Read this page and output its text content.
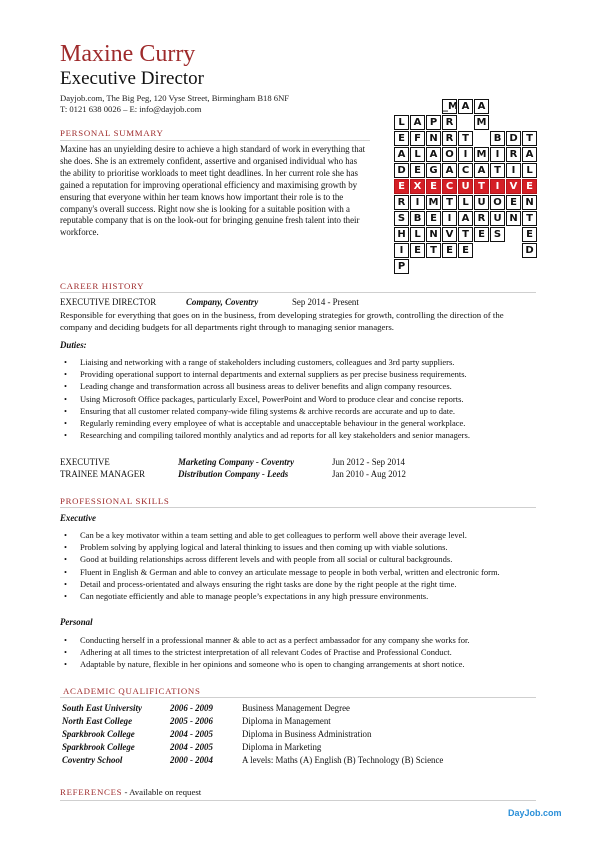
Maxine Curry
Executive Director
Dayjob.com, The Big Peg, 120 Vyse Street, Birmingham B18 6NF
T: 0121 638 0026 – E: info@dayjob.com
PERSONAL SUMMARY
Maxine has an unyielding desire to achieve a high standard of work in everything that she does. She is an extremely confident, assertive and organised individual who has the ability to prioritise workloads to meet tight deadlines. In her current role she has gained a reputation for improving operational efficiency and maximising growth by ensuring that everyone within her team knows how important their role is to the company's overall success. Right now she is looking for a suitable position with a reputable company that is on the look-out for bringing genuine fresh talent into their workforce.
_M A A
L A P R	M
E F N R T	B D T
A L A O I M I	R A
D E G A C A T	I	L
E X E C U T	I	V E
R	I M T L U O E N
S B E	I	A R U N T
H L N V T E S	E
I	E T E E	D
P
CAREER HISTORY
EXECUTIVE DIRECTOR	Company, Coventry	Sep 2014 - Present
Responsible for everything that goes on in the business, from developing strategies for growth, controlling the direction of the company and deciding budgets for all departments right through to managing senior managers.
Duties:
• Liaising and networking with a range of stakeholders including customers, colleagues and 3rd party suppliers.
• Providing operational support to internal departments and external suppliers as per precise business requirements.
• Leading change and transformation across all business areas to deliver benefits and align company resources.
• Using Microsoft Office packages, particularly Excel, PowerPoint and Word to produce clear and concise reports.
• Ensuring that all customer related company-wide filing systems & archive records are accurate and up to date.
• Regularly reminding every employee of what is acceptable and unacceptable behaviour in the general workplace.
• Researching and compiling tailored monthly analytics and ad reports for all key stakeholders and senior managers.
EXECUTIVE	Marketing Company - Coventry	Jun 2012 - Sep 2014
TRAINEE MANAGER	Distribution Company - Leeds	Jan 2010 - Aug 2012
PROFESSIONAL SKILLS
Executive
• Can be a key motivator within a team setting and able to get colleagues to perform well above their average level.
• Problem solving by applying logical and lateral thinking to issues and then coming up with viable solutions.
• Good at building relationships across different levels and with people from all social or cultural backgrounds.
• Fluent in English & German and able to convey an articulate message to people in both verbal, written and electronic form.
• Detail and process-orientated and always ensuring the right tasks are done by the right people at the right time.
• Can negotiate efficiently and able to manage people’s expectations in any high pressure environments.
Personal
• Conducting herself in a professional manner & able to act as a perfect ambassador for any company she works for.
• Adhering at all times to the strictest interpretation of all relevant Codes of Practise and Professional Conduct.
• Adaptable by nature, flexible in her opinions and someone who is open to changing arrangements at short notice.
ACADEMIC QUALIFICATIONS
South East University	2006 - 2009	Business Management Degree
North East College	2005 - 2006	Diploma in Management
Sparkbrook College	2004 - 2005	Diploma in Business Administration
Sparkbrook College	2004 - 2005	Diploma in Marketing
Coventry School	2000 - 2004	A levels: Maths (A) English (B) Technology (B) Science
REFERENCES - Available on request
DayJob.com
